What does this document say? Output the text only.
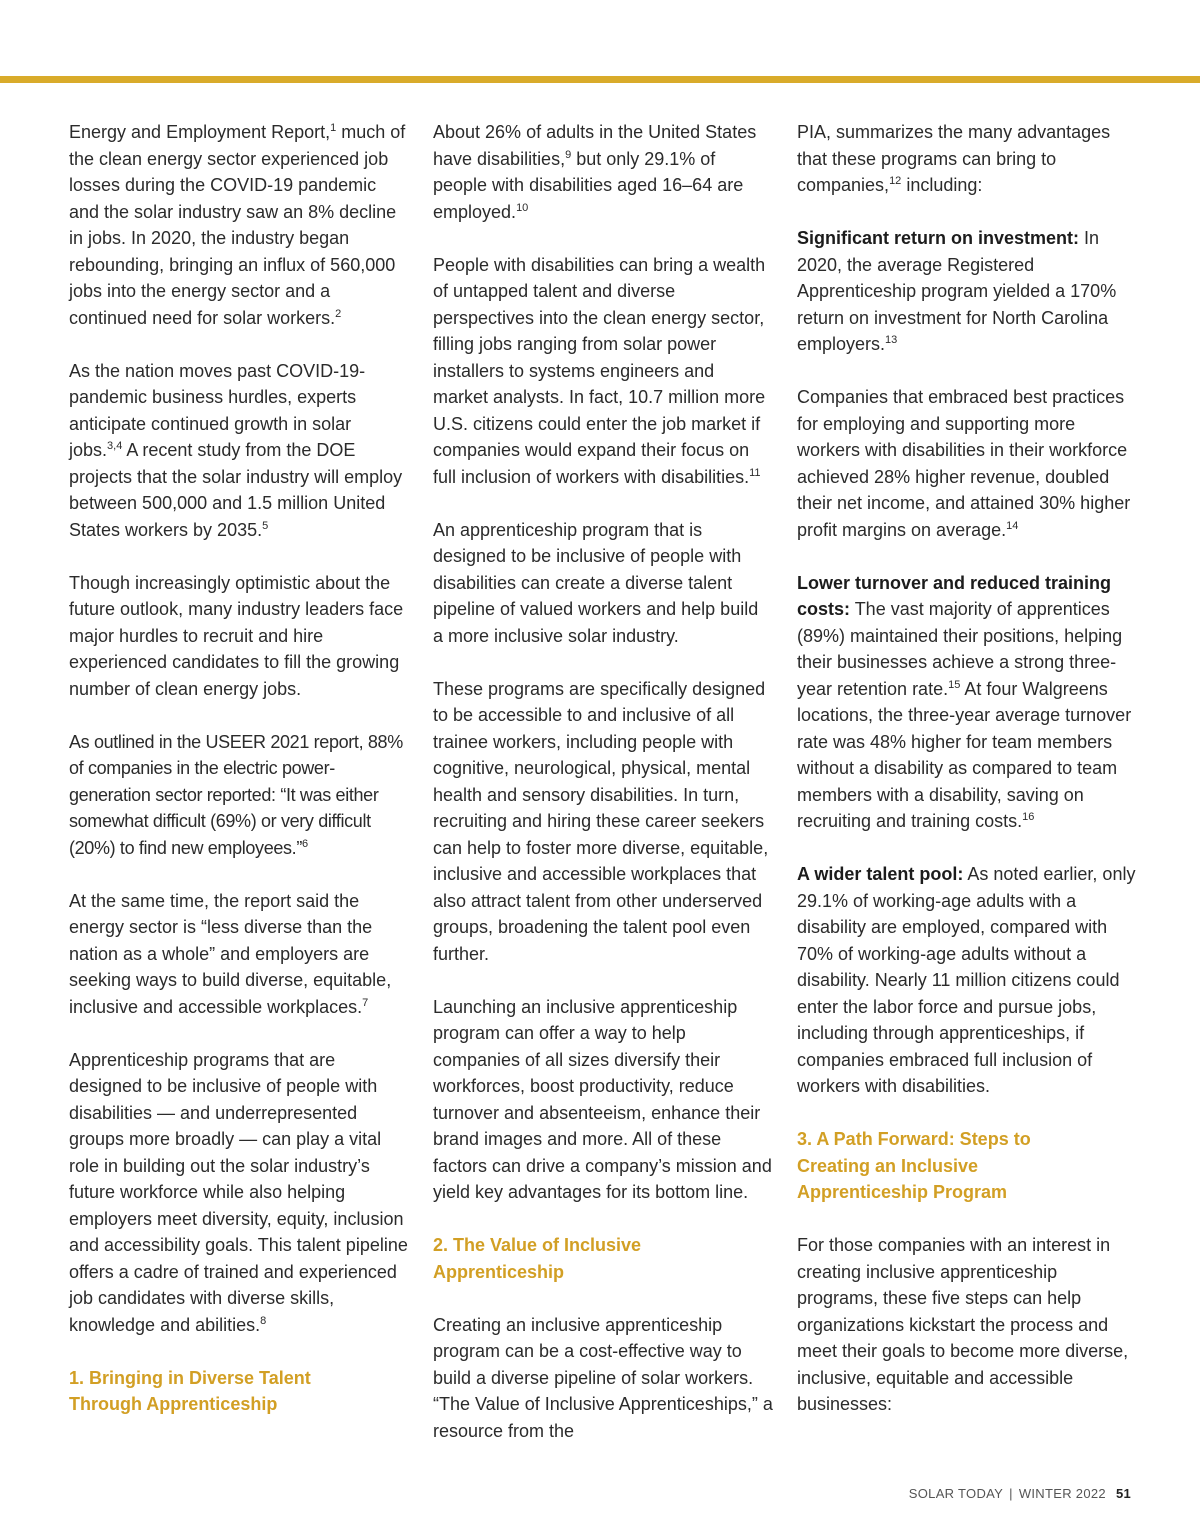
Energy and Employment Report,$^1$ much of the clean energy sector experienced job losses during the COVID-19 pandemic and the solar industry saw an 8% decline in jobs. In 2020, the industry began rebounding, bringing an influx of 560,000 jobs into the energy sector and a continued need for solar workers.$^2$

As the nation moves past COVID-19-pandemic business hurdles, experts anticipate continued growth in solar jobs.$^{3,4}$ A recent study from the DOE projects that the solar industry will employ between 500,000 and 1.5 million United States workers by 2035.$^5$

Though increasingly optimistic about the future outlook, many industry leaders face major hurdles to recruit and hire experienced candidates to fill the growing number of clean energy jobs.

As outlined in the USEER 2021 report, 88% of companies in the electric power-generation sector reported: “It was either somewhat difficult (69%) or very difficult (20%) to find new employees.”$^6$

At the same time, the report said the energy sector is “less diverse than the nation as a whole” and employers are seeking ways to build diverse, equitable, inclusive and accessible workplaces.$^7$

Apprenticeship programs that are designed to be inclusive of people with disabilities — and underrepresented groups more broadly — can play a vital role in building out the solar industry’s future workforce while also helping employers meet diversity, equity, inclusion and accessibility goals. This talent pipeline offers a cadre of trained and experienced job candidates with diverse skills, knowledge and abilities.$^8$

1. Bringing in Diverse Talent Through Apprenticeship

About 26% of adults in the United States have disabilities,$^9$ but only 29.1% of people with disabilities aged 16–64 are employed.$^{10}$

People with disabilities can bring a wealth of untapped talent and diverse perspectives into the clean energy sector, filling jobs ranging from solar power installers to systems engineers and market analysts. In fact, 10.7 million more U.S. citizens could enter the job market if companies would expand their focus on full inclusion of workers with disabilities.$^{11}$

An apprenticeship program that is designed to be inclusive of people with disabilities can create a diverse talent pipeline of valued workers and help build a more inclusive solar industry.

These programs are specifically designed to be accessible to and inclusive of all trainee workers, including people with cognitive, neurological, physical, mental health and sensory disabilities. In turn, recruiting and hiring these career seekers can help to foster more diverse, equitable, inclusive and accessible workplaces that also attract talent from other underserved groups, broadening the talent pool even further.

Launching an inclusive apprenticeship program can offer a way to help companies of all sizes diversify their workforces, boost productivity, reduce turnover and absenteeism, enhance their brand images and more. All of these factors can drive a company’s mission and yield key advantages for its bottom line.

2. The Value of Inclusive Apprenticeship

Creating an inclusive apprenticeship program can be a cost-effective way to build a diverse pipeline of solar workers. “The Value of Inclusive Apprenticeships,” a resource from the

PIA, summarizes the many advantages that these programs can bring to companies,$^{12}$ including:

Significant return on investment: In 2020, the average Registered Apprenticeship program yielded a 170% return on investment for North Carolina employers.$^{13}$

Companies that embraced best practices for employing and supporting more workers with disabilities in their workforce achieved 28% higher revenue, doubled their net income, and attained 30% higher profit margins on average.$^{14}$

Lower turnover and reduced training costs: The vast majority of apprentices (89%) maintained their positions, helping their businesses achieve a strong three-year retention rate.$^{15}$ At four Walgreens locations, the three-year average turnover rate was 48% higher for team members without a disability as compared to team members with a disability, saving on recruiting and training costs.$^{16}$

A wider talent pool: As noted earlier, only 29.1% of working-age adults with a disability are employed, compared with 70% of working-age adults without a disability. Nearly 11 million citizens could enter the labor force and pursue jobs, including through apprenticeships, if companies embraced full inclusion of workers with disabilities.

3. A Path Forward: Steps to Creating an Inclusive Apprenticeship Program

For those companies with an interest in creating inclusive apprenticeship programs, these five steps can help organizations kickstart the process and meet their goals to become more diverse, inclusive, equitable and accessible businesses:

SOLAR TODAY | WINTER 2022 51
